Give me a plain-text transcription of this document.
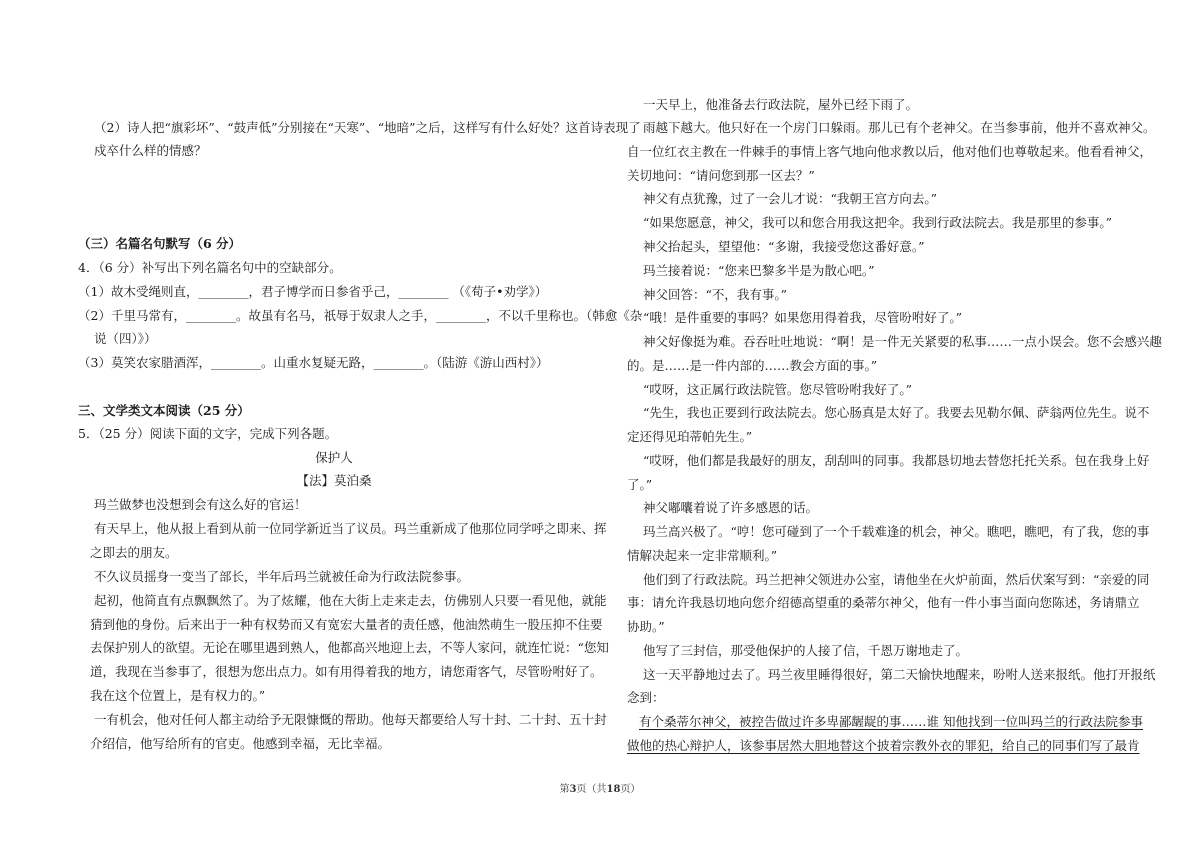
（2）诗人把“旗彩坏”、“鼓声低”分别接在“天寒”、“地暗”之后，这样写有什么好处？这首诗表现了
戍卒什么样的情感？
（三）名篇名句默写（6 分）
4．（6 分）补写出下列名篇名句中的空缺部分。
（1）故木受绳则直，________，君子博学而日参省乎己，________ （《荀子•劝学》）
（2）千里马常有，________。故虽有名马，祇辱于奴隶人之手，________，不以千里称也。（韩愈《杂
说（四）》）
（3）莫笑农家腊酒浑，________。山重水复疑无路，________。（陆游《游山西村》）
三、文学类文本阅读（25 分）
5．（25 分）阅读下面的文字，完成下列各题。
保护人
【法】莫泊桑
玛兰做梦也没想到会有这么好的官运！
有天早上，他从报上看到从前一位同学新近当了议员。玛兰重新成了他那位同学呼之即来、挥
之即去的朋友。
不久议员摇身一变当了部长，半年后玛兰就被任命为行政法院参事。
起初，他简直有点飘飘然了。为了炫耀，他在大街上走来走去，仿佛别人只要一看见他，就能
猜到他的身份。后来出于一种有权势而又有宽宏大量者的责任感，他油然萌生一股压抑不住要
去保护别人的欲望。无论在哪里遇到熟人，他都高兴地迎上去，不等人家问，就连忙说：“您知
道，我现在当参事了，很想为您出点力。如有用得着我的地方，请您甭客气，尽管吩咐好了。
我在这个位置上，是有权力的。”
一有机会，他对任何人都主动给予无限慷慨的帮助。他每天都要给人写十封、二十封、五十封
介绍信，他写给所有的官吏。他感到幸福，无比幸福。
一天早上，他准备去行政法院，屋外已经下雨了。
雨越下越大。他只好在一个房门口躲雨。那儿已有个老神父。在当参事前，他并不喜欢神父。
自一位红衣主教在一件棘手的事情上客气地向他求教以后，他对他们也尊敬起来。他看看神父，
关切地问：“请问您到那一区去？”
神父有点犹豫，过了一会儿才说：“我朝王宫方向去。”
“如果您愿意，神父，我可以和您合用我这把伞。我到行政法院去。我是那里的参事。”
神父抬起头，望望他：“多谢，我接受您这番好意。”
玛兰接着说：“您来巴黎多半是为散心吧。”
神父回答：“不，我有事。”
“哦！是件重要的事吗？如果您用得着我，尽管吩咐好了。”
神父好像挺为难。吞吞吐吐地说：“啊！是一件无关紧要的私事……一点小误会。您不会感兴趣
的。是……是一件内部的……教会方面的事。”
“哎呀，这正属行政法院管。您尽管吩咐我好了。”
“先生，我也正要到行政法院去。您心肠真是太好了。我要去见勒尔佩、萨翁两位先生。说不
定还得见珀蒂帕先生。”
“哎呀，他们都是我最好的朋友，刮刮叫的同事。我都恳切地去替您托托关系。包在我身上好
了。”
神父嘟囔着说了许多感恩的话。
玛兰高兴极了。“哼！您可碰到了一个千载难逢的机会，神父。瞧吧，瞧吧，有了我，您的事
情解决起来一定非常顺利。”
他们到了行政法院。玛兰把神父领进办公室，请他坐在火炉前面，然后伏案写到：“亲爱的同
事：请允许我恳切地向您介绍德高望重的桑蒂尔神父，他有一件小事当面向您陈述，务请鼎立
协助。”
他写了三封信，那受他保护的人接了信，千恩万谢地走了。
这一天平静地过去了。玛兰夜里睡得很好，第二天愉快地醒来，吩咐人送来报纸。他打开报纸
念到：
有个桑蒂尔神父，被控告做过许多卑鄙龌龊的事……谁 知他找到一位叫玛兰的行政法院参事
做他的热心辩护人，该参事居然大胆地替这个披着宗教外衣的罪犯，给自己的同事们写了最肯
第3页（共18页）
